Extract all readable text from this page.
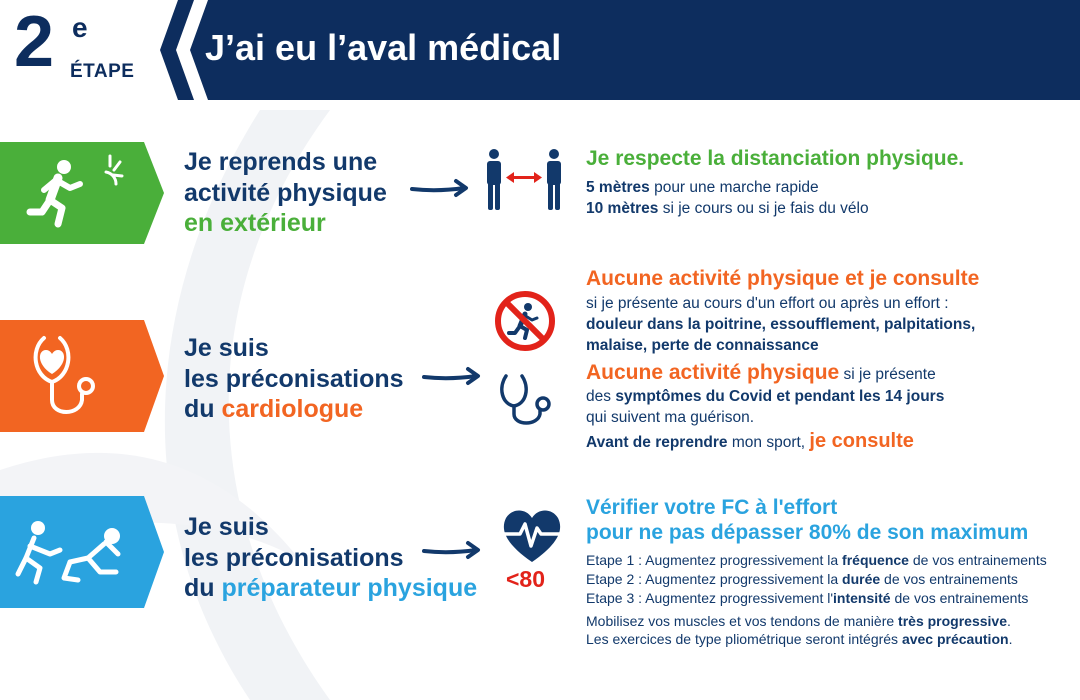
2 e
ÉTAPE
J’ai eu l’aval médical
Je reprends une
activité physique
en extérieur
Je respecte la distanciation physique.
5 mètres pour une marche rapide
10 mètres si je cours ou si je fais du vélo
Je suis
les préconisations
du cardiologue
Aucune activité physique et je consulte
si je présente au cours d'un effort ou après un effort :
douleur dans la poitrine, essoufflement, palpitations,
malaise, perte de connaissance
Aucune activité physique si je présente
des symptômes du Covid et pendant les 14 jours
qui suivent ma guérison.
Avant de reprendre mon sport, je consulte
Je suis
les préconisations
du préparateur physique <80
Vérifier votre FC à l'effort
pour ne pas dépasser 80% de son maximum
Etape 1 : Augmentez progressivement la fréquence de vos entrainements
Etape 2 : Augmentez progressivement la durée de vos entrainements
Etape 3 : Augmentez progressivement l'intensité de vos entrainements
Mobilisez vos muscles et vos tendons de manière très progressive.
Les exercices de type pliométrique seront intégrés avec précaution.
